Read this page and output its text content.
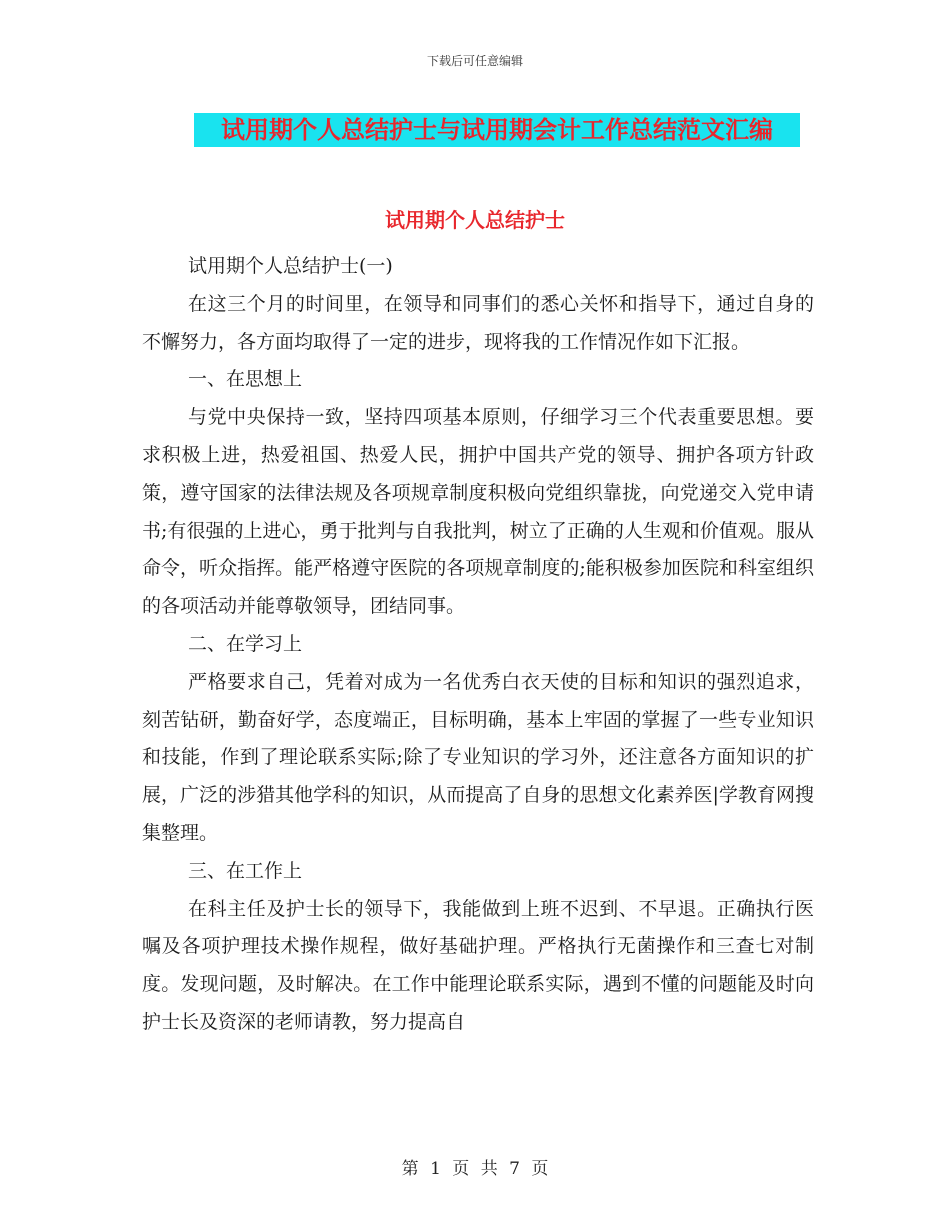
下载后可任意编辑
试用期个人总结护士与试用期会计工作总结范文汇编
试用期个人总结护士

试用期个人总结护士(一)

在这三个月的时间里，在领导和同事们的悉心关怀和指导下，通过自身的不懈努力，各方面均取得了一定的进步，现将我的工作情况作如下汇报。

一、在思想上

与党中央保持一致，坚持四项基本原则，仔细学习三个代表重要思想。要求积极上进，热爱祖国、热爱人民，拥护中国共产党的领导、拥护各项方针政策，遵守国家的法律法规及各项规章制度积极向党组织靠拢，向党递交入党申请书;有很强的上进心，勇于批判与自我批判，树立了正确的人生观和价值观。服从命令，听众指挥。能严格遵守医院的各项规章制度的;能积极参加医院和科室组织的各项活动并能尊敬领导，团结同事。

二、在学习上

严格要求自己，凭着对成为一名优秀白衣天使的目标和知识的强烈追求，刻苦钻研，勤奋好学，态度端正，目标明确，基本上牢固的掌握了一些专业知识和技能，作到了理论联系实际;除了专业知识的学习外，还注意各方面知识的扩展，广泛的涉猎其他学科的知识，从而提高了自身的思想文化素养医|学教育网搜集整理。

三、在工作上

在科主任及护士长的领导下，我能做到上班不迟到、不早退。正确执行医嘱及各项护理技术操作规程，做好基础护理。严格执行无菌操作和三查七对制度。发现问题，及时解决。在工作中能理论联系实际，遇到不懂的问题能及时向护士长及资深的老师请教，努力提高自

第 1 页 共 7 页
